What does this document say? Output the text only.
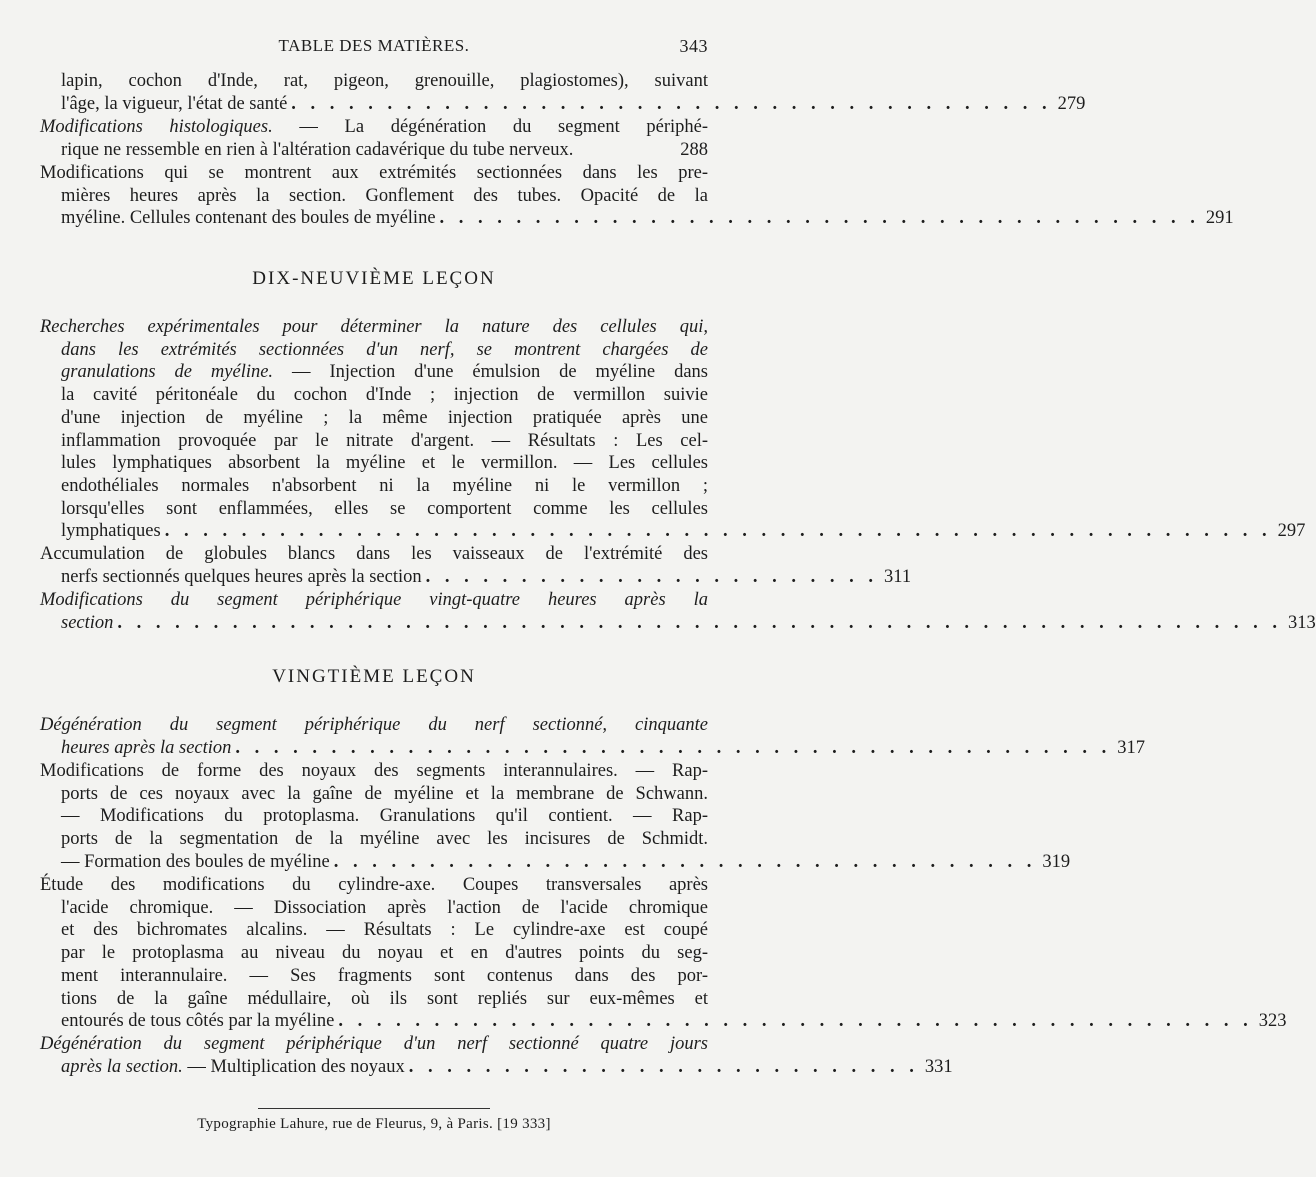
TABLE DES MATIÈRES.	343
lapin, cochon d'Inde, rat, pigeon, grenouille, plagiostomes), suivant
l'âge, la vigueur, l'état de santé . . . . . . . . . . . . . . . . . . . . . . . . . . . . . . . . . . . . . . . . 279
Modifications histologiques. — La dégénération du segment périphé-
rique ne ressemble en rien à l'altération cadavérique du tube nerveux.	288
Modifications qui se montrent aux extrémités sectionnées dans les pre-
mières heures après la section. Gonflement des tubes. Opacité de la
myéline. Cellules contenant des boules de myéline . . . . . . . . . . . . . . . . . . . . . . . . . . . . . . . . . . . . . . . . 291
DIX-NEUVIÈME LEÇON
Recherches expérimentales pour déterminer la nature des cellules qui,
dans les extrémités sectionnées d'un nerf, se montrent chargées de
granulations de myéline. — Injection d'une émulsion de myéline dans
la cavité péritonéale du cochon d'Inde ; injection de vermillon suivie
d'une injection de myéline ; la même injection pratiquée après une
inflammation provoquée par le nitrate d'argent. — Résultats : Les cel-
lules lymphatiques absorbent la myéline et le vermillon. — Les cellules
endothéliales normales n'absorbent ni la myéline ni le vermillon ;
lorsqu'elles sont enflammées, elles se comportent comme les cellules
lymphatiques . . . . . . . . . . . . . . . . . . . . . . . . . . . . . . . . . . . . . . . . . . . . . . . . . . . . . . . . . . 297
Accumulation de globules blancs dans les vaisseaux de l'extrémité des
nerfs sectionnés quelques heures après la section . . . . . . . . . . . . . . . . . . . . . . . . 311
Modifications du segment périphérique vingt-quatre heures après la
section . . . . . . . . . . . . . . . . . . . . . . . . . . . . . . . . . . . . . . . . . . . . . . . . . . . . . . . . . . . . . 313
VINGTIÈME LEÇON
Dégénération du segment périphérique du nerf sectionné, cinquante
heures après la section . . . . . . . . . . . . . . . . . . . . . . . . . . . . . . . . . . . . . . . . . . . . . . 317
Modifications de forme des noyaux des segments interannulaires. — Rap-
ports de ces noyaux avec la gaîne de myéline et la membrane de Schwann.
— Modifications du protoplasma. Granulations qu'il contient. — Rap-
ports de la segmentation de la myéline avec les incisures de Schmidt.
— Formation des boules de myéline . . . . . . . . . . . . . . . . . . . . . . . . . . . . . . . . . . . . . 319
Étude des modifications du cylindre-axe. Coupes transversales après
l'acide chromique. — Dissociation après l'action de l'acide chromique
et des bichromates alcalins. — Résultats : Le cylindre-axe est coupé
par le protoplasma au niveau du noyau et en d'autres points du seg-
ment interannulaire. — Ses fragments sont contenus dans des por-
tions de la gaîne médullaire, où ils sont repliés sur eux-mêmes et
entourés de tous côtés par la myéline . . . . . . . . . . . . . . . . . . . . . . . . . . . . . . . . . . . . . . . . . . . . . . . . 323
Dégénération du segment périphérique d'un nerf sectionné quatre jours
après la section. — Multiplication des noyaux . . . . . . . . . . . . . . . . . . . . . . . . . . . 331
Typographie Lahure, rue de Fleurus, 9, à Paris. [19 333]
